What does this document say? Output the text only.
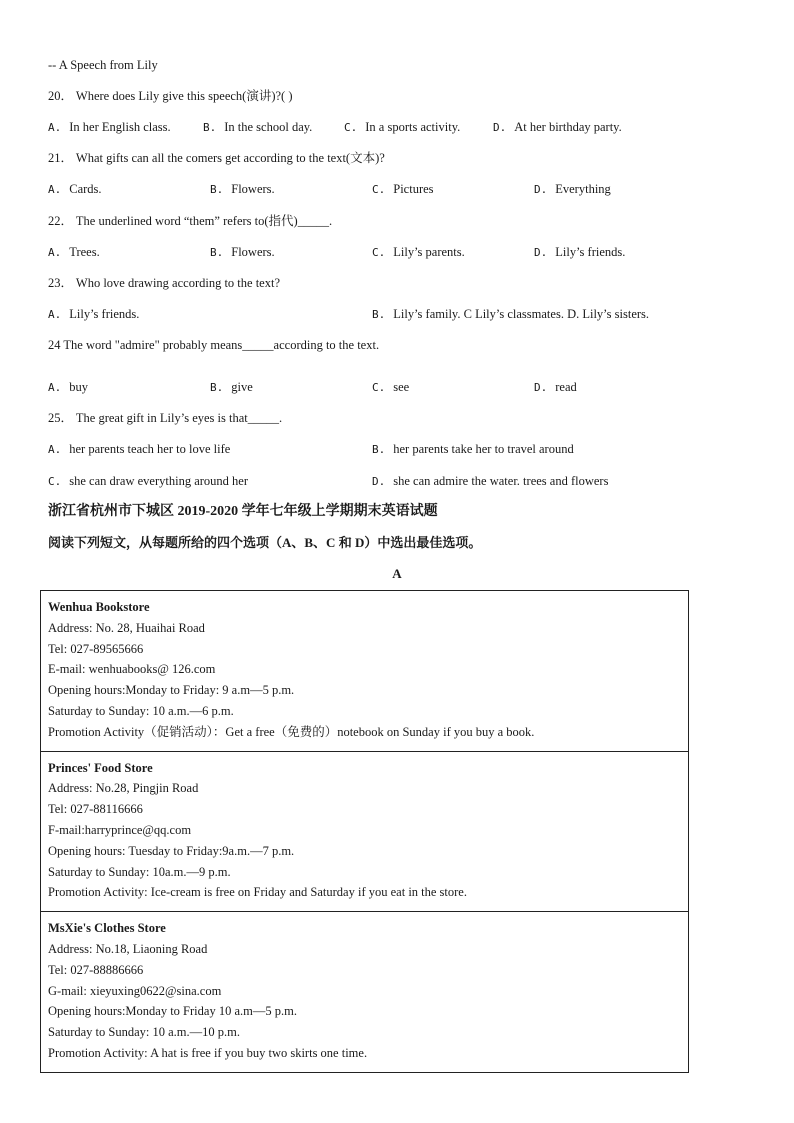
-- A Speech from Lily
20． Where does Lily give this speech(演讲)?( )
A. In her English class.	B. In the school day.	C. In a sports activity.	D. At her birthday party.
21． What gifts can all the comers get according to the text(文本)?
A. Cards.	B. Flowers.	C. Pictures	D. Everything
22． The underlined word “them” refers to(指代)_____.
A. Trees.	B. Flowers.	C. Lily’s parents.	D. Lily’s friends.
23． Who love drawing according to the text?
A. Lily’s friends.	B. Lily’s family. C Lily’s classmates. D. Lily’s sisters.
24 The word "admire" probably means_____according to the text.
A. buy	B. give	C. see	D. read
25． The great gift in Lily’s eyes is that_____.
A. her parents teach her to love life	B. her parents take her to travel around
C. she can draw everything around her	D. she can admire the water. trees and flowers
浙江省杭州市下城区 2019-2020 学年七年级上学期期末英语试题
阅读下列短文，从每题所给的四个选项（A、B、C 和 D）中选出最佳选项。
A
Wenhua Bookstore
Address: No. 28, Huaihai Road
Tel: 027-89565666
E-mail: wenhuabooks@ 126.com
Opening hours:Monday to Friday: 9 a.m—5 p.m.
Saturday to Sunday: 10 a.m.—6 p.m.
Promotion Activity（促销活动）：Get a free（免费的）notebook on Sunday if you buy a book.
Princes' Food Store
Address: No.28, Pingjin Road
Tel: 027-88116666
F-mail:harryprince@qq.com
Opening hours: Tuesday to Friday:9a.m.—7 p.m.
Saturday to Sunday: 10a.m.—9 p.m.
Promotion Activity: Ice-cream is free on Friday and Saturday if you eat in the store.
MsXie's Clothes Store
Address: No.18, Liaoning Road
Tel: 027-88886666
G-mail: xieyuxing0622@sina.com
Opening hours:Monday to Friday 10 a.m—5 p.m.
Saturday to Sunday: 10 a.m.—10 p.m.
Promotion Activity: A hat is free if you buy two skirts one time.
